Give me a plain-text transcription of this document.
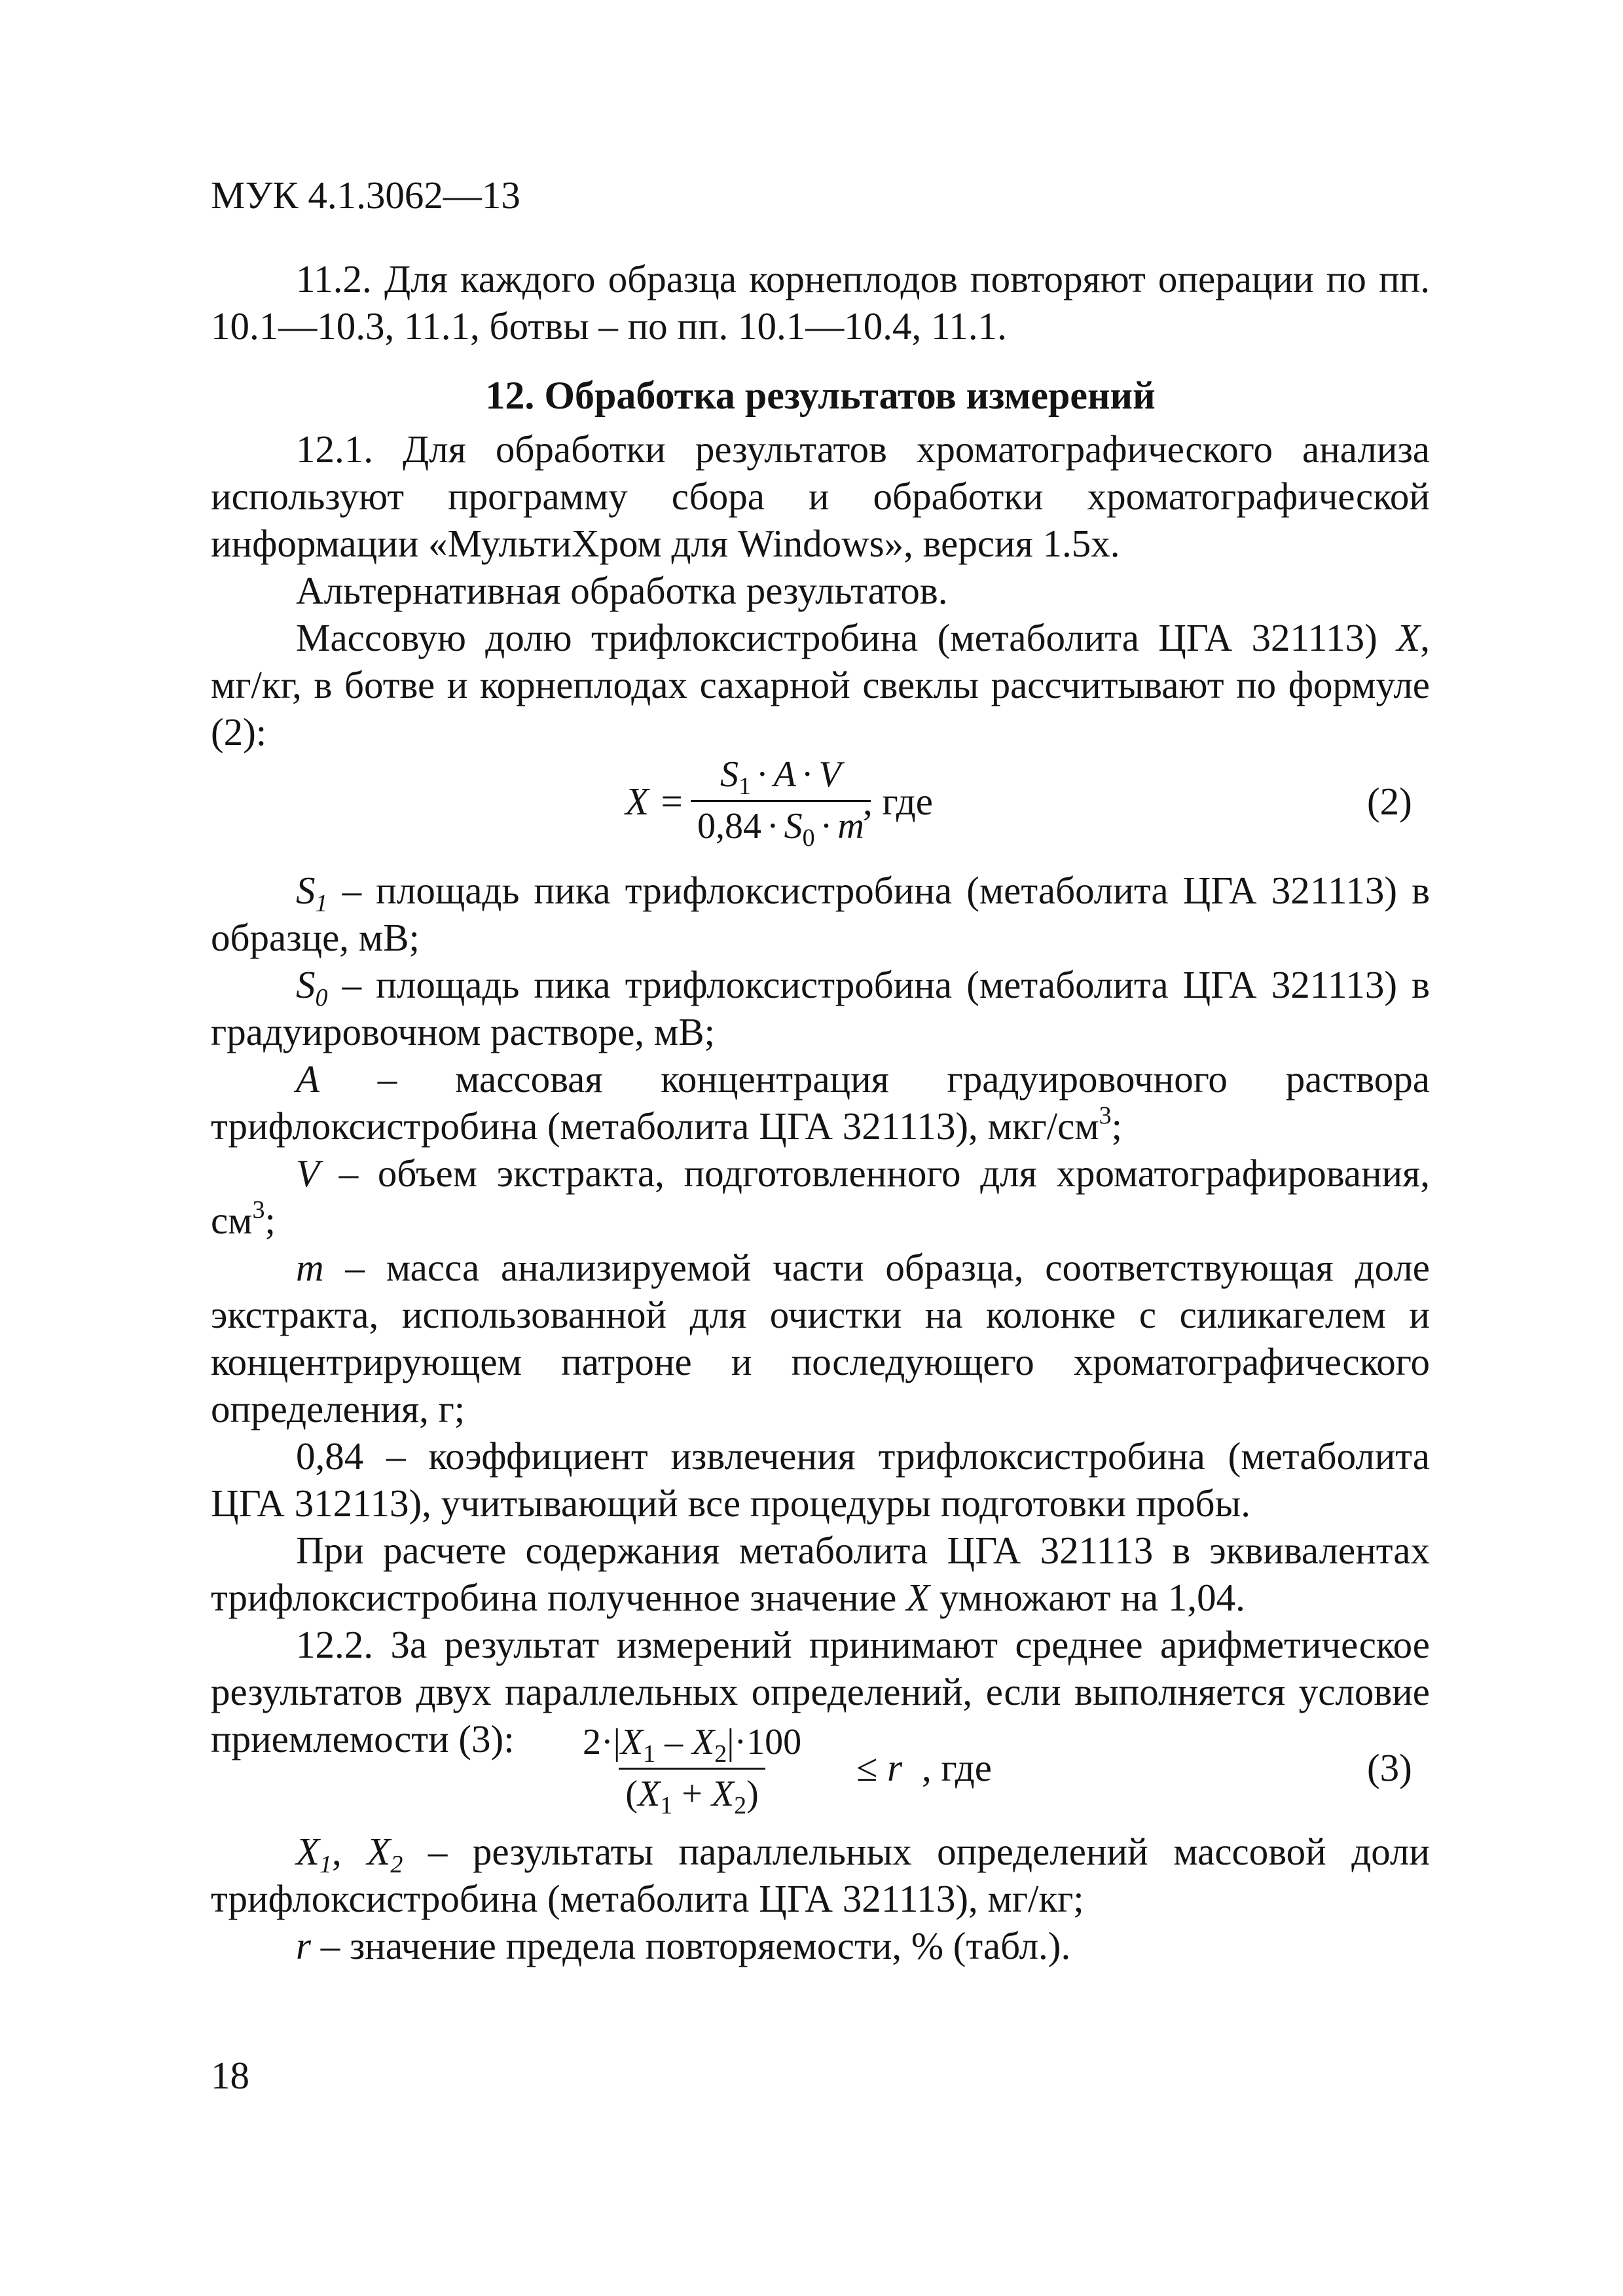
МУК 4.1.3062—13

11.2. Для каждого образца корнеплодов повторяют операции по пп. 10.1—10.3, 11.1, ботвы – по пп. 10.1—10.4, 11.1.

12. Обработка результатов измерений

12.1. Для обработки результатов хроматографического анализа используют программу сбора и обработки хроматографической информации «МультиХром для Windows», версия 1.5х.

Альтернативная обработка результатов.

Массовую долю трифлоксистробина (метаболита ЦГА 321113) X, мг/кг, в ботве и корнеплодах сахарной свеклы рассчитывают по формуле (2):

$X = \frac{S_1 \cdot A \cdot V}{0,84 \cdot S_0 \cdot m}$
, где	(2)

$S_1$ – площадь пика трифлоксистробина (метаболита ЦГА 321113) в образце, мВ;

$S_0$ – площадь пика трифлоксистробина (метаболита ЦГА 321113) в градуировочном растворе, мВ;

A – массовая концентрация градуировочного раствора трифлоксистробина (метаболита ЦГА 321113), мкг/$см^3$;

V – объем экстракта, подготовленного для хроматографирования, $см^3$;

m – масса анализируемой части образца, соответствующая доле экстракта, использованной для очистки на колонке с силикагелем и концентрирующем патроне и последующего хроматографического определения, г;

0,84 – коэффициент извлечения трифлоксистробина (метаболита ЦГА 312113), учитывающий все процедуры подготовки пробы.

При расчете содержания метаболита ЦГА 321113 в эквивалентах трифлоксистробина полученное значение X умножают на 1,04.

12.2. За результат измерений принимают среднее арифметическое результатов двух параллельных определений, если выполняется условие приемлемости (3):	$\frac{2\cdot|X_1 - X_2|\cdot 100}{(X_1 + X_2)} \le r$ , где	(3)

$X_1$, $X_2$ – результаты параллельных определений массовой доли трифлоксистробина (метаболита ЦГА 321113), мг/кг;

r – значение предела повторяемости, % (табл.).

18
